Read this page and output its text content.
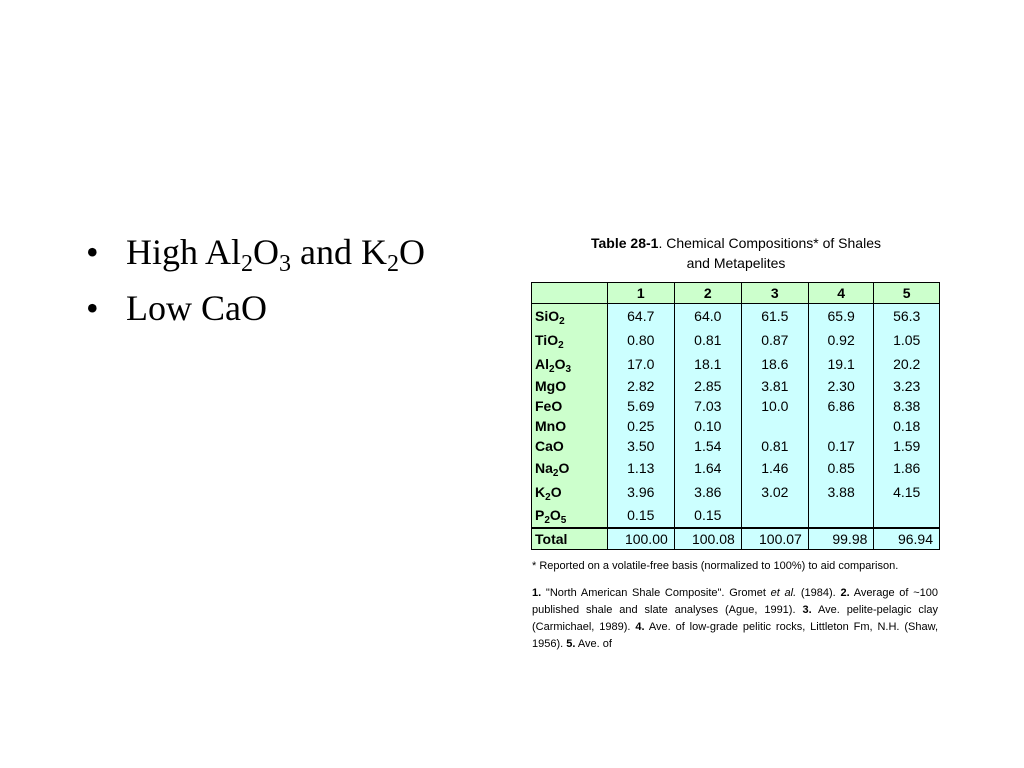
• High $Al_2O_3$ and $K_2O$
• Low CaO
Table 28-1. Chemical Compositions* of Shales
and Metapelites
	1	2	3	4	5
SiO$_2$	64.7	64.0	61.5	65.9	56.3
TiO$_2$	0.80	0.81	0.87	0.92	1.05
$Al_2O_3$	17.0	18.1	18.6	19.1	20.2
MgO	2.82	2.85	3.81	2.30	3.23
FeO	5.69	7.03	10.0	6.86	8.38
MnO	0.25	0.10			0.18
CaO	3.50	1.54	0.81	0.17	1.59
$Na_2O$	1.13	1.64	1.46	0.85	1.86
$K_2O$	3.96	3.86	3.02	3.88	4.15
$P_2O_5$	0.15	0.15			
Total	100.00	100.08	100.07	99.98	96.94
* Reported on a volatile-free basis (normalized to 100%) to aid comparison.
1. "North American Shale Composite". Gromet et al. (1984). 2. Average of ~100 published shale and slate analyses (Ague, 1991). 3. Ave. pelite-pelagic clay (Carmichael, 1989). 4. Ave. of low-grade pelitic rocks, Littleton Fm, N.H. (Shaw, 1956). 5. Ave. of
